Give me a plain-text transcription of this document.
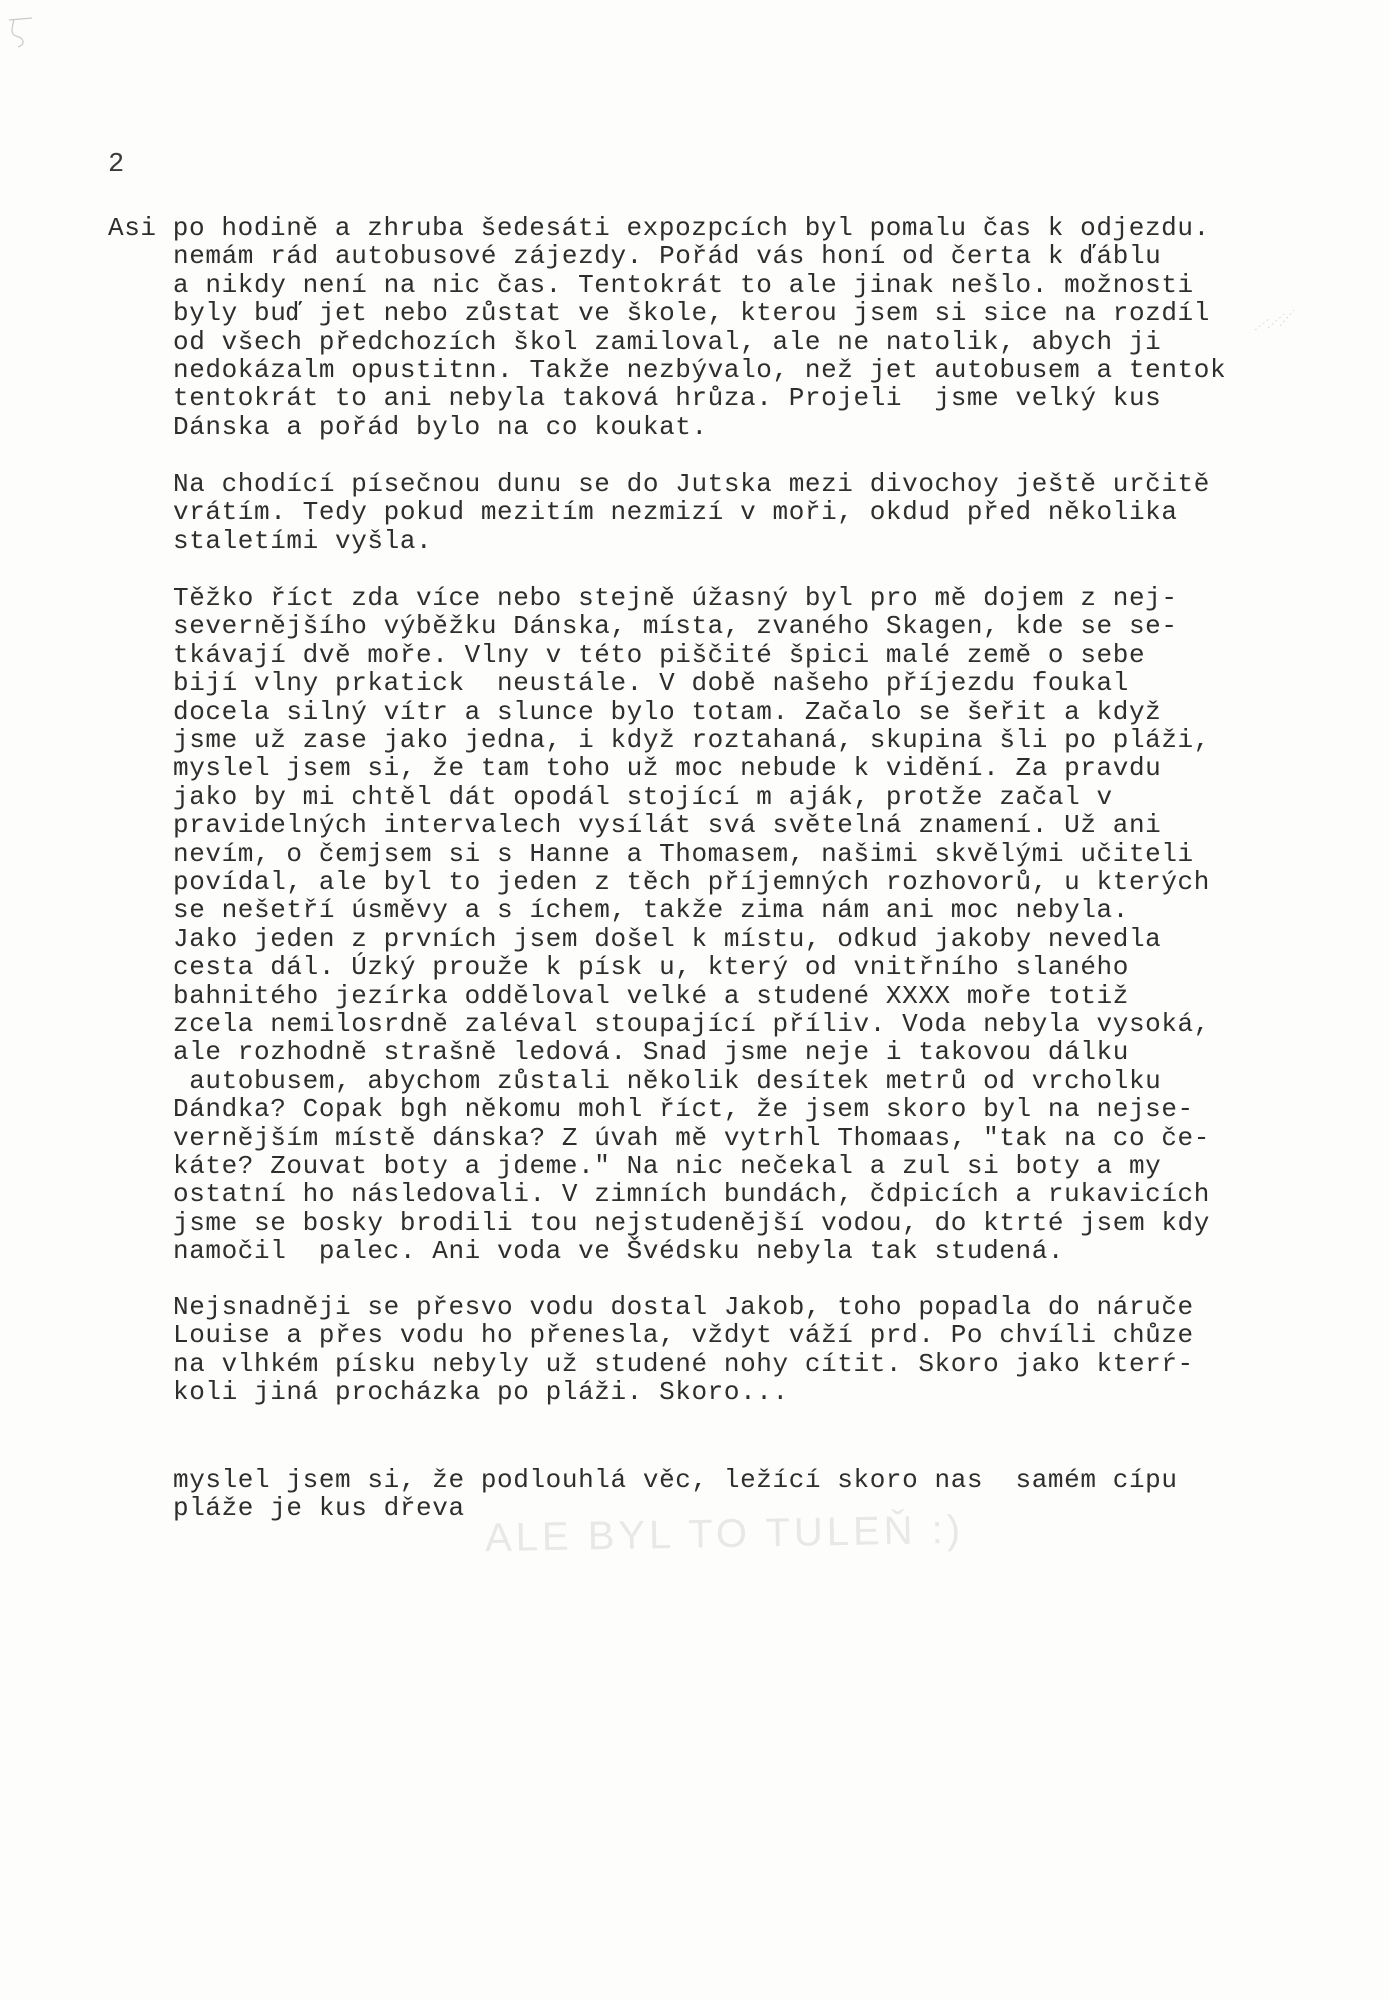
2
Asi po hodině a zhruba šedesáti expozpcích byl pomalu čas k odjezdu.
nemám rád autobusové zájezdy. Pořád vás honí od čerta k ďáblu
a nikdy není na nic čas. Tentokrát to ale jinak nešlo. možnosti
byly buď jet nebo zůstat ve škole, kterou jsem si sice na rozdíl
od všech předchozích škol zamiloval, ale ne natolik, abych ji
nedokázalm opustitnn. Takže nezbývalo, než jet autobusem a tentok
tentokrát to ani nebyla taková hrůza. Projeli  jsme velký kus
Dánska a pořád bylo na co koukat.
Na chodící písečnou dunu se do Jutska mezi divochoy ještě určitě
vrátím. Tedy pokud mezitím nezmizí v moři, okdud před několika
staletími vyšla.
Těžko říct zda více nebo stejně úžasný byl pro mě dojem z nej-
severnějšího výběžku Dánska, místa, zvaného Skagen, kde se se-
tkávají dvě moře. Vlny v této piščité špici malé země o sebe
bijí vlny prkatick  neustále. V době našeho příjezdu foukal
docela silný vítr a slunce bylo totam. Začalo se šeřit a když
jsme už zase jako jedna, i když roztahaná, skupina šli po pláži,
myslel jsem si, že tam toho už moc nebude k vidění. Za pravdu
jako by mi chtěl dát opodál stojící m aják, protže začal v
pravidelných intervalech vysílát svá světelná znamení. Už ani
nevím, o čemjsem si s Hanne a Thomasem, našimi skvělými učiteli
povídal, ale byl to jeden z těch příjemných rozhovorů, u kterých
se nešetří úsměvy a s íchem, takže zima nám ani moc nebyla.
Jako jeden z prvních jsem došel k místu, odkud jakoby nevedla
cesta dál. Úzký prouže k písk u, který od vnitřního slaného
bahnitého jezírka odděloval velké a studené XXXX moře totiž
zcela nemilosrdně zaléval stoupající příliv. Voda nebyla vysoká,
ale rozhodně strašně ledová. Snad jsme neje i takovou dálku
autobusem, abychom zůstali několik desítek metrů od vrcholku
Dándka? Copak bgh někomu mohl říct, že jsem skoro byl na nejse-
vernějším místě dánska? Z úvah mě vytrhl Thomaas, "tak na co če-
káte? Zouvat boty a jdeme." Na nic nečekal a zul si boty a my
ostatní ho následovali. V zimních bundách, čdpicích a rukavicích
jsme se bosky brodili tou nejstudenější vodou, do ktrté jsem kdy
namočil  palec. Ani voda ve Švédsku nebyla tak studená.
Nejsnadněji se přesvo vodu dostal Jakob, toho popadla do náruče
Louise a přes vodu ho přenesla, vždyt váží prd. Po chvíli chůze
na vlhkém písku nebyly už studené nohy cítit. Skoro jako kterŕ-
koli jiná procházka po pláži. Skoro...
myslel jsem si, že podlouhlá věc, ležící skoro nas  samém cípu
pláže je kus dřeva ALE BYL TO TULEŇ :)
